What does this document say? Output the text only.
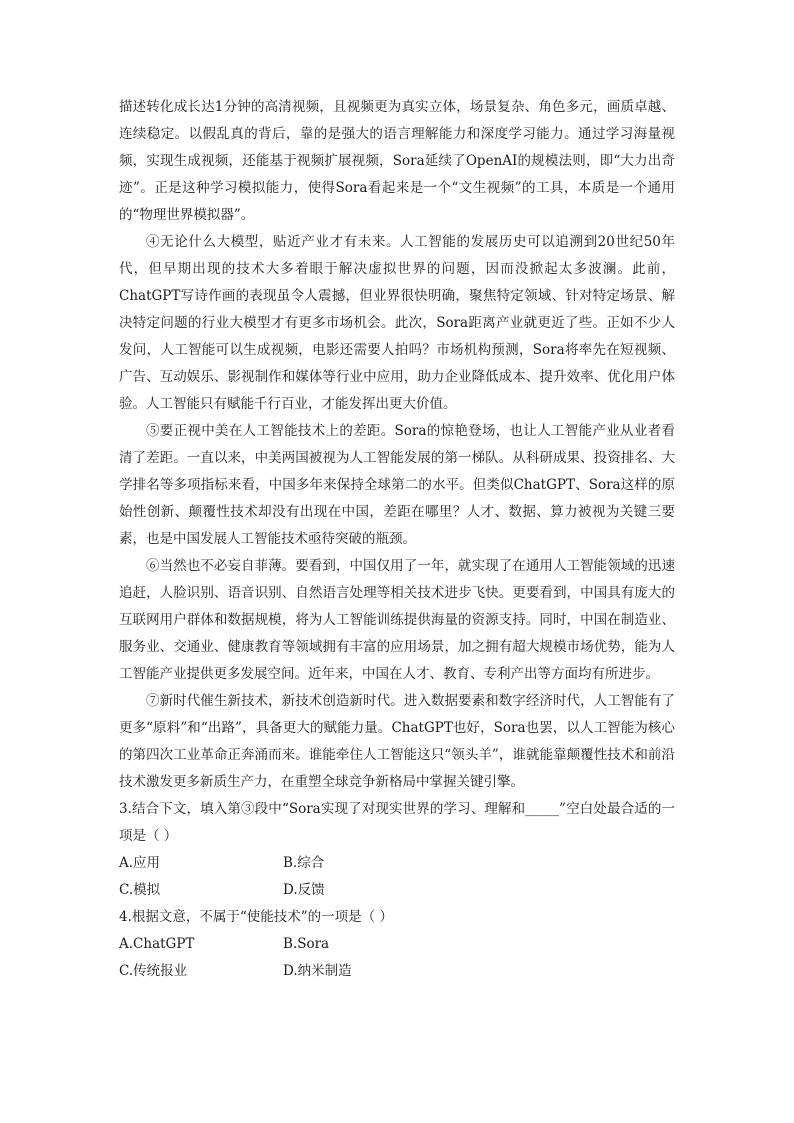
描述转化成长达1分钟的高清视频，且视频更为真实立体，场景复杂、角色多元，画质卓越、连续稳定。以假乱真的背后，靠的是强大的语言理解能力和深度学习能力。通过学习海量视频，实现生成视频，还能基于视频扩展视频，Sora延续了OpenAI的规模法则，即“大力出奇迹”。正是这种学习模拟能力，使得Sora看起来是一个“文生视频”的工具，本质是一个通用的“物理世界模拟器”。

④无论什么大模型，贴近产业才有未来。人工智能的发展历史可以追溯到20世纪50年代，但早期出现的技术大多着眼于解决虚拟世界的问题，因而没掀起太多波澜。此前，ChatGPT写诗作画的表现虽令人震撼，但业界很快明确，聚焦特定领域、针对特定场景、解决特定问题的行业大模型才有更多市场机会。此次，Sora距离产业就更近了些。正如不少人发问，人工智能可以生成视频，电影还需要人拍吗？市场机构预测，Sora将率先在短视频、广告、互动娱乐、影视制作和媒体等行业中应用，助力企业降低成本、提升效率、优化用户体验。人工智能只有赋能千行百业，才能发挥出更大价值。

⑤要正视中美在人工智能技术上的差距。Sora的惊艳登场，也让人工智能产业从业者看清了差距。一直以来，中美两国被视为人工智能发展的第一梯队。从科研成果、投资排名、大学排名等多项指标来看，中国多年来保持全球第二的水平。但类似ChatGPT、Sora这样的原始性创新、颠覆性技术却没有出现在中国，差距在哪里？人才、数据、算力被视为关键三要素，也是中国发展人工智能技术亟待突破的瓶颈。

⑥当然也不必妄自菲薄。要看到，中国仅用了一年，就实现了在通用人工智能领域的迅速追赶，人脸识别、语音识别、自然语言处理等相关技术进步飞快。更要看到，中国具有庞大的互联网用户群体和数据规模，将为人工智能训练提供海量的资源支持。同时，中国在制造业、服务业、交通业、健康教育等领域拥有丰富的应用场景，加之拥有超大规模市场优势，能为人工智能产业提供更多发展空间。近年来，中国在人才、教育、专利产出等方面均有所进步。

⑦新时代催生新技术，新技术创造新时代。进入数据要素和数字经济时代，人工智能有了更多“原料”和“出路”，具备更大的赋能力量。ChatGPT也好，Sora也罢，以人工智能为核心的第四次工业革命正奔涌而来。谁能牵住人工智能这只“领头羊”，谁就能靠颠覆性技术和前沿技术激发更多新质生产力，在重塑全球竞争新格局中掌握关键引擎。

3.结合下文，填入第③段中“Sora实现了对现实世界的学习、理解和_____”空白处最合适的一项是（ ）

A.应用	B.综合
C.模拟	D.反馈

4.根据文意，不属于“使能技术”的一项是（ ）

A.ChatGPT	B.Sora
C.传统报业	D.纳米制造
